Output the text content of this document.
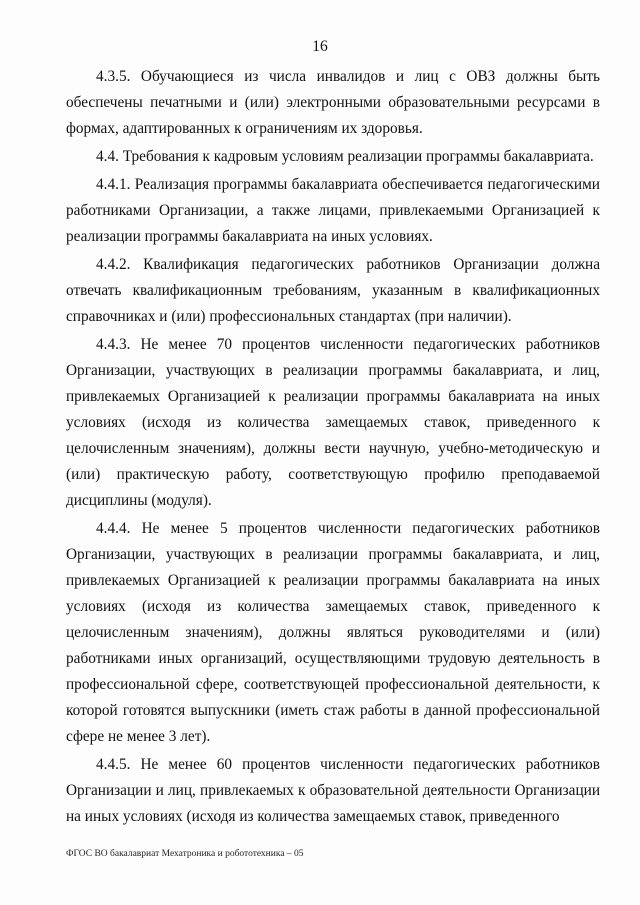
16

4.3.5. Обучающиеся из числа инвалидов и лиц с ОВЗ должны быть обеспечены печатными и (или) электронными образовательными ресурсами в формах, адаптированных к ограничениям их здоровья.

4.4. Требования к кадровым условиям реализации программы бакалавриата.

4.4.1. Реализация программы бакалавриата обеспечивается педагогическими работниками Организации, а также лицами, привлекаемыми Организацией к реализации программы бакалавриата на иных условиях.

4.4.2. Квалификация педагогических работников Организации должна отвечать квалификационным требованиям, указанным в квалификационных справочниках и (или) профессиональных стандартах (при наличии).

4.4.3. Не менее 70 процентов численности педагогических работников Организации, участвующих в реализации программы бакалавриата, и лиц, привлекаемых Организацией к реализации программы бакалавриата на иных условиях (исходя из количества замещаемых ставок, приведенного к целочисленным значениям), должны вести научную, учебно-методическую и (или) практическую работу, соответствующую профилю преподаваемой дисциплины (модуля).

4.4.4. Не менее 5 процентов численности педагогических работников Организации, участвующих в реализации программы бакалавриата, и лиц, привлекаемых Организацией к реализации программы бакалавриата на иных условиях (исходя из количества замещаемых ставок, приведенного к целочисленным значениям), должны являться руководителями и (или) работниками иных организаций, осуществляющими трудовую деятельность в профессиональной сфере, соответствующей профессиональной деятельности, к которой готовятся выпускники (иметь стаж работы в данной профессиональной сфере не менее 3 лет).

4.4.5. Не менее 60 процентов численности педагогических работников Организации и лиц, привлекаемых к образовательной деятельности Организации на иных условиях (исходя из количества замещаемых ставок, приведенного

ФГОС ВО бакалавриат Мехатроника и робототехника – 05
